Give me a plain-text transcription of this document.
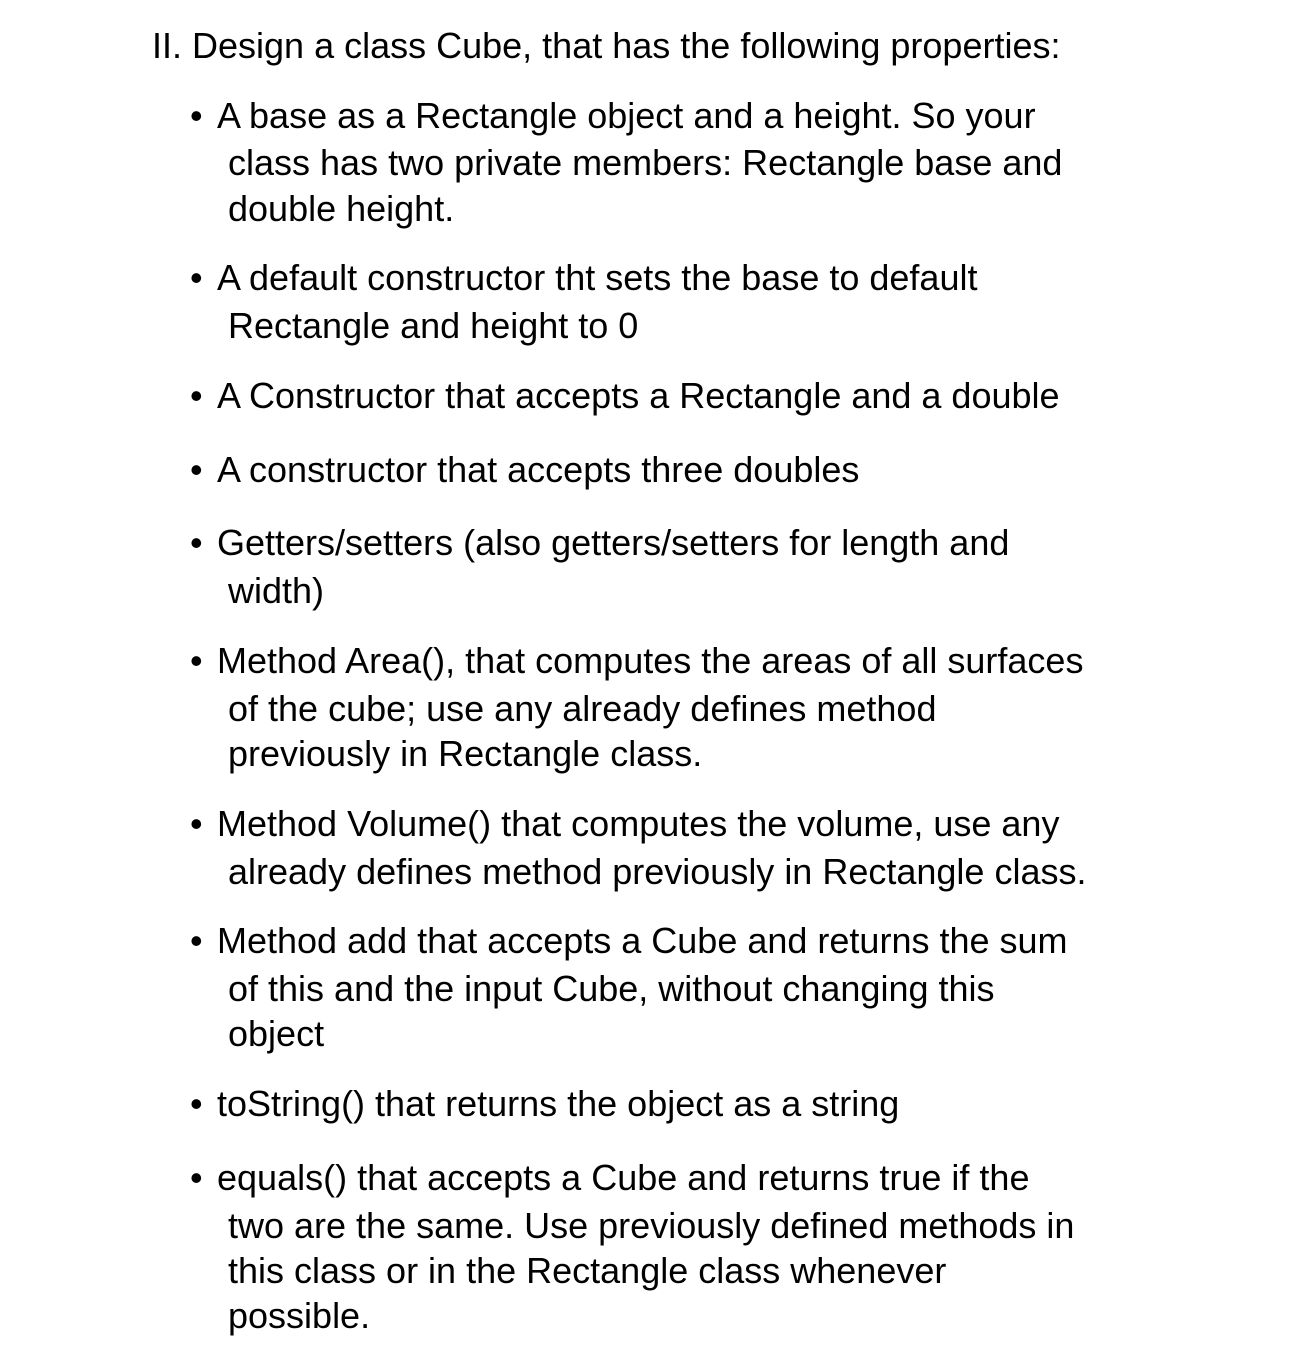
II. Design a class Cube, that has the following properties:
• A base as a Rectangle object and a height. So your
class has two private members: Rectangle base and
double height.
• A default constructor tht sets the base to default
Rectangle and height to 0
• A Constructor that accepts a Rectangle and a double
• A constructor that accepts three doubles
• Getters/setters (also getters/setters for length and
width)
• Method Area(), that computes the areas of all surfaces
of the cube; use any already defines method
previously in Rectangle class.
• Method Volume() that computes the volume, use any
already defines method previously in Rectangle class.
• Method add that accepts a Cube and returns the sum
of this and the input Cube, without changing this
object
• toString() that returns the object as a string
• equals() that accepts a Cube and returns true if the
two are the same. Use previously defined methods in
this class or in the Rectangle class whenever
possible.
